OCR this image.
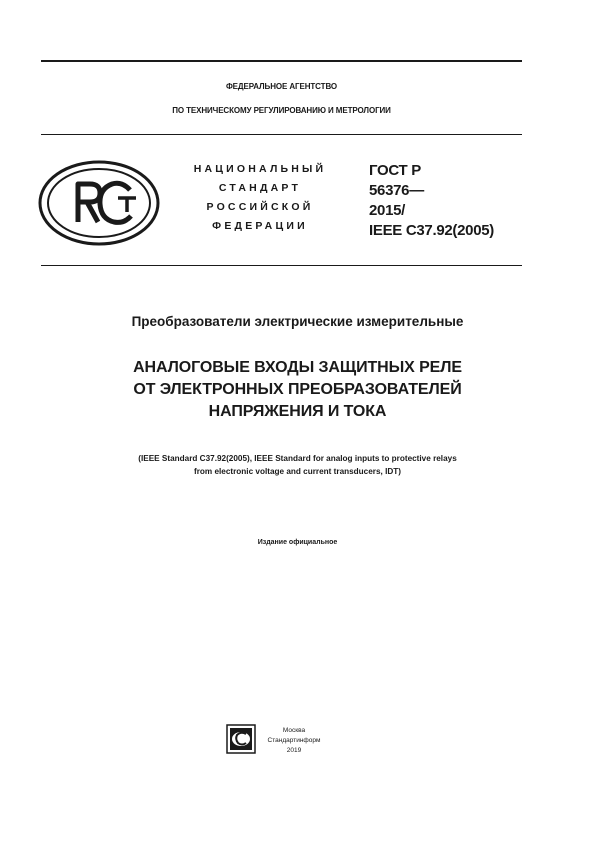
ФЕДЕРАЛЬНОЕ АГЕНТСТВО
ПО ТЕХНИЧЕСКОМУ РЕГУЛИРОВАНИЮ И МЕТРОЛОГИИ
НАЦИОНАЛЬНЫЙ
СТАНДАРТ
РОССИЙСКОЙ
ФЕДЕРАЦИИ
ГОСТ Р
56376—
2015/
IEEE C37.92(2005)
Преобразователи электрические измерительные
АНАЛОГОВЫЕ ВХОДЫ ЗАЩИТНЫХ РЕЛЕ
ОТ ЭЛЕКТРОННЫХ ПРЕОБРАЗОВАТЕЛЕЙ
НАПРЯЖЕНИЯ И ТОКА
(IEEE Standard C37.92(2005), IEEE Standard for analog inputs to protective relays
from electronic voltage and current transducers, IDT)
Издание официальное
Москва
Стандартинформ
2019
